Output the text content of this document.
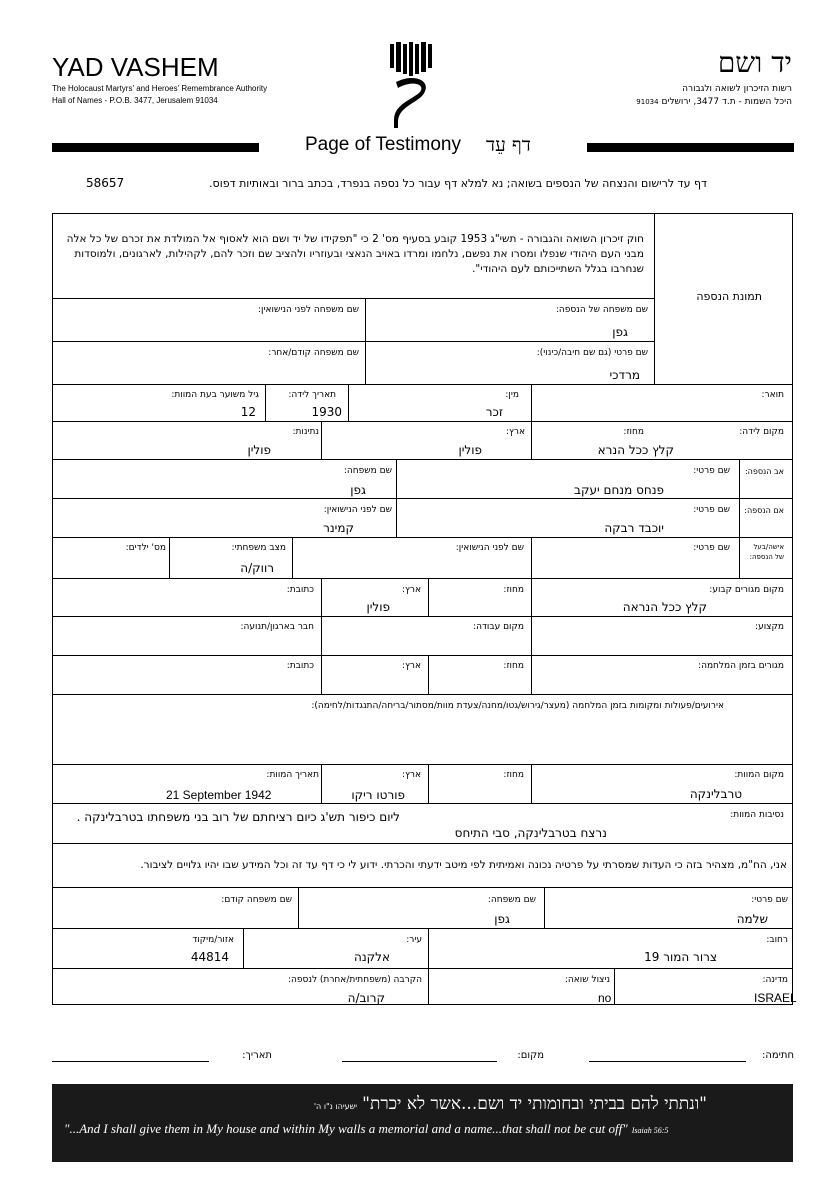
YAD VASHEM
The Holocaust Martyrs' and Heroes' Remembrance Authority
Hall of Names - P.O.B. 3477, Jerusalem 91034
יד ושם
רשות הזיכרון לשואה ולגבורה
היכל השמות - ת.ד 3477, ירושלים 91034
Page of Testimony דף עֵד
דף עד לרישום והנצחה של הנספים בשואה; נא למלא דף עבור כל נספה בנפרד, בכתב ברור ובאותיות דפוס.
58657
חוק זיכרון השואה והגבורה - תשי"ג 1953 קובע בסעיף מס' 2 כי "תפקידו של יד ושם הוא לאסוף אל המולדת את זכרם של כל אלה מבני העם היהודי שנפלו ומסרו את נפשם, נלחמו ומרדו באויב הנאצי ובעוזריו ולהציב שם וזכר להם, לקהילות, לארגונים, ולמוסדות שנחרבו בגלל השתייכותם לעם היהודי".
תמונת הנספה
שם משפחה של הנספה:
גפן
שם משפחה לפני הנישואין:
שם פרטי (גם שם חיבה/כינוי):
מרדכי
שם משפחה קודם/אחר:
תואר:
מין:
זכר
תאריך לידה:
1930
גיל משוער בעת המוות:
12
מקום לידה:
מחוז:
קלץ ככל הנרא
ארץ:
פולין
נתינות:
פולין
אב הנספה:
שם פרטי:
פנחס מנחם יעקב
שם משפחה:
גפן
אם הנספה:
שם פרטי:
יוכבד רבקה
שם לפני הנישואין:
קמינר
אישה/בעל
של הנספה:
שם פרטי:
שם לפני הנישואין:
מצב משפחתי:
רווק/ה
מס' ילדים:
מקום מגורים קבוע:
קלץ ככל הנראה
מחוז:
ארץ:
פולין
כתובת:
מקצוע:
מקום עבודה:
חבר בארגון/תנועה:
מגורים בזמן המלחמה:
מחוז:
ארץ:
כתובת:
אירועים/פעולות ומקומות בזמן המלחמה (מעצר/גירוש/גטו/מחנה/צעדת מוות/מסתור/בריחה/התנגדות/לחימה):
מקום המוות:
טרבלינקה
מחוז:
ארץ:
פורטו ריקו
תאריך המוות:
21 September 1942
נסיבות המוות:
ליום כיפור תש'ג כיום רציחתם של רוב בני משפחתו בטרבלינקה .
נרצח בטרבלינקה, סבי התיחס
אני, הח"מ, מצהיר בזה כי העדות שמסרתי על פרטיה נכונה ואמיתית לפי מיטב ידעתי והכרתי. ידוע לי כי דף עד זה וכל המידע שבו יהיו גלויים לציבור.
שם פרטי:
שלמה
שם משפחה:
גפן
שם משפחה קודם:
רחוב:
צרור המור 19
עיר:
אלקנה
אזור/מיקוד
44814
מדינה:
ISRAEL
ניצול שואה:
no
הקרבה (משפחתית/אחרת) לנספה:
קרוב/ה
חתימה:
מקום:
תאריך:
"ונתתי להם בביתי ובחומותי יד ושם...אשר לא יכרת" ישעיהו נ"ו ה'
"...And I shall give them in My house and within My walls a memorial and a name...that shall not be cut off" Isaiah 56:5
